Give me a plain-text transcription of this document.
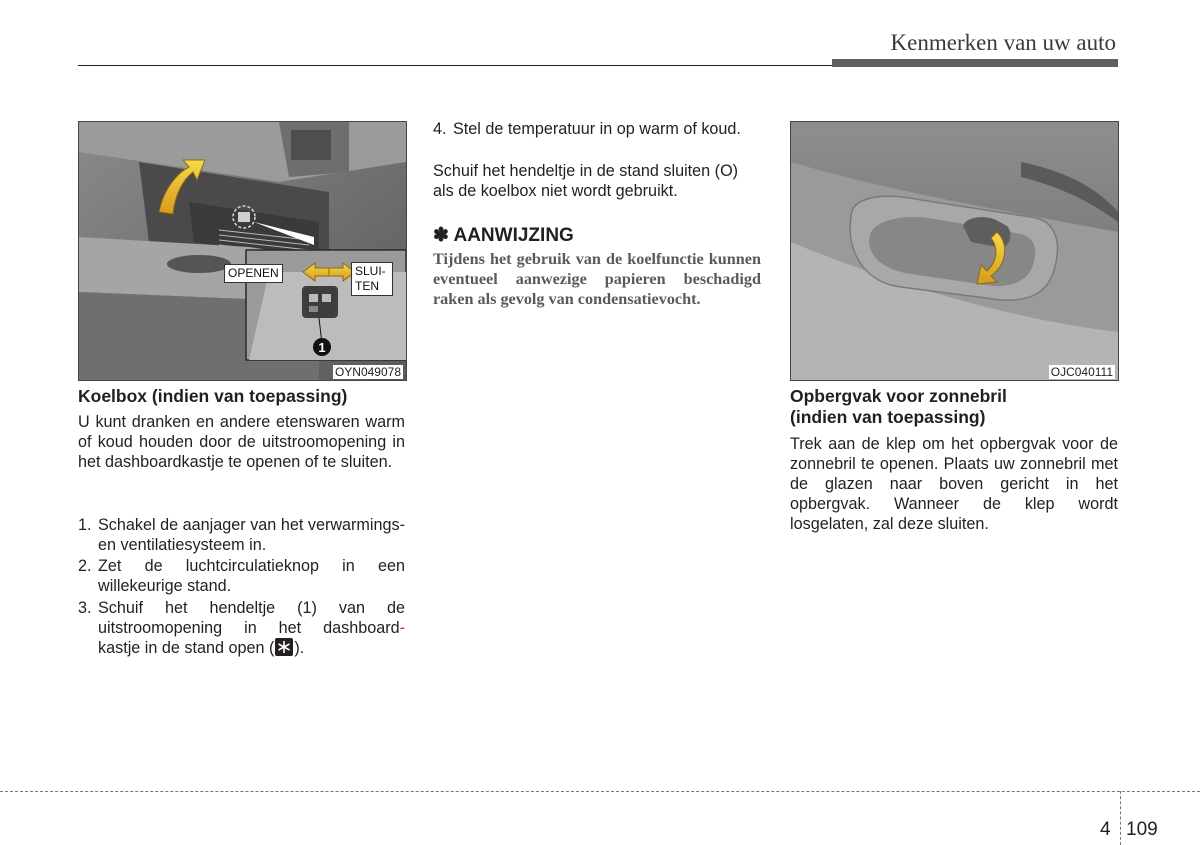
Kenmerken van uw auto
1
OPENEN	SLUI-
TEN
OYN049078
Koelbox (indien van toepassing)
U kunt dranken en andere etenswaren warm of koud houden door de uitstroomopening in het dashboardkastje te openen of te sluiten.
1. Schakel de aanjager van het verwarmings- en ventilatiesysteem in.
2. Zet de luchtcirculatieknop in een willekeurige stand.
3. Schuif het hendeltje (1) van de uitstroomopening in het dashboard-
kastje in de stand open ( ).
4. Stel de temperatuur in op warm of koud.
Schuif het hendeltje in de stand sluiten (O) als de koelbox niet wordt gebruikt.
✽ AANWIJZING
Tijdens het gebruik van de koelfunctie kunnen eventueel aanwezige papieren beschadigd raken als gevolg van condensatievocht.
OJC040111
Opbergvak voor zonnebril
(indien van toepassing)
Trek aan de klep om het opbergvak voor de zonnebril te openen. Plaats uw zonnebril met de glazen naar boven gericht in het opbergvak. Wanneer de klep wordt losgelaten, zal deze sluiten.
4 109
